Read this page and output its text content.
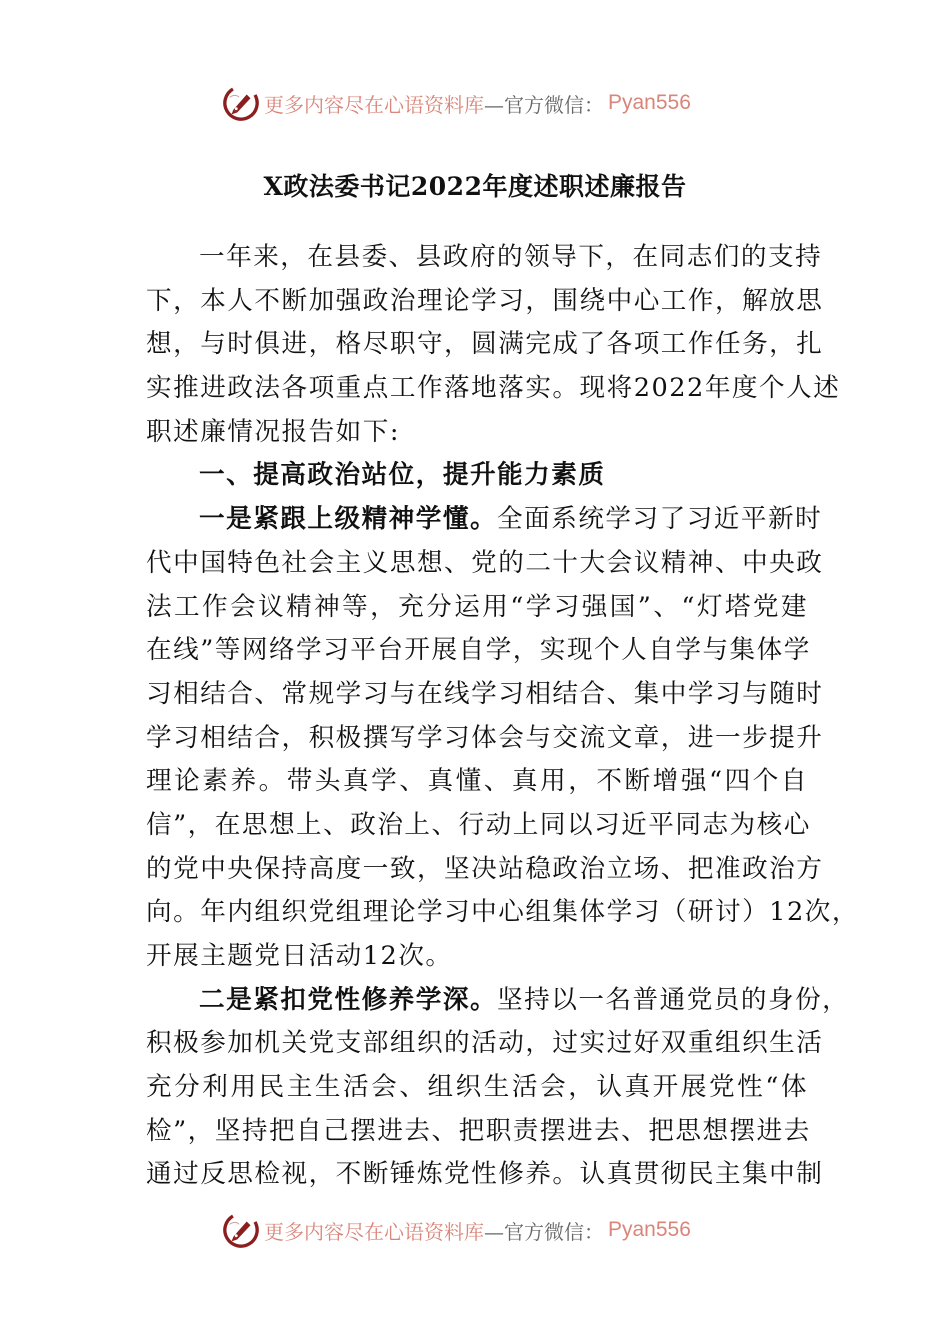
更多内容尽在心语资料库 —官方微信： Pyan556
X政法委书记2022年度述职述廉报告
一年来，在县委、县政府的领导下，在同志们的支持
下，本人不断加强政治理论学习，围绕中心工作，解放思
想，与时俱进，格尽职守，圆满完成了各项工作任务，扎
实推进政法各项重点工作落地落实。现将2022年度个人述
职述廉情况报告如下:
一、提高政治站位，提升能力素质
一是紧跟上级精神学懂。全面系统学习了习近平新时
代中国特色社会主义思想、党的二十大会议精神、中央政
法工作会议精神等，充分运用“学习强国”、“灯塔党建
在线”等网络学习平台开展自学，实现个人自学与集体学
习相结合、常规学习与在线学习相结合、集中学习与随时
学习相结合，积极撰写学习体会与交流文章，进一步提升
理论素养。带头真学、真懂、真用，不断增强“四个自
信”，在思想上、政治上、行动上同以习近平同志为核心
的党中央保持高度一致，坚决站稳政治立场、把准政治方
向。年内组织党组理论学习中心组集体学习（研讨）12次，
开展主题党日活动12次。
二是紧扣党性修养学深。坚持以一名普通党员的身份，
积极参加机关党支部组织的活动，过实过好双重组织生活
充分利用民主生活会、组织生活会，认真开展党性“体
检”，坚持把自己摆进去、把职责摆进去、把思想摆进去
通过反思检视，不断锤炼党性修养。认真贯彻民主集中制
更多内容尽在心语资料库 —官方微信： Pyan556
